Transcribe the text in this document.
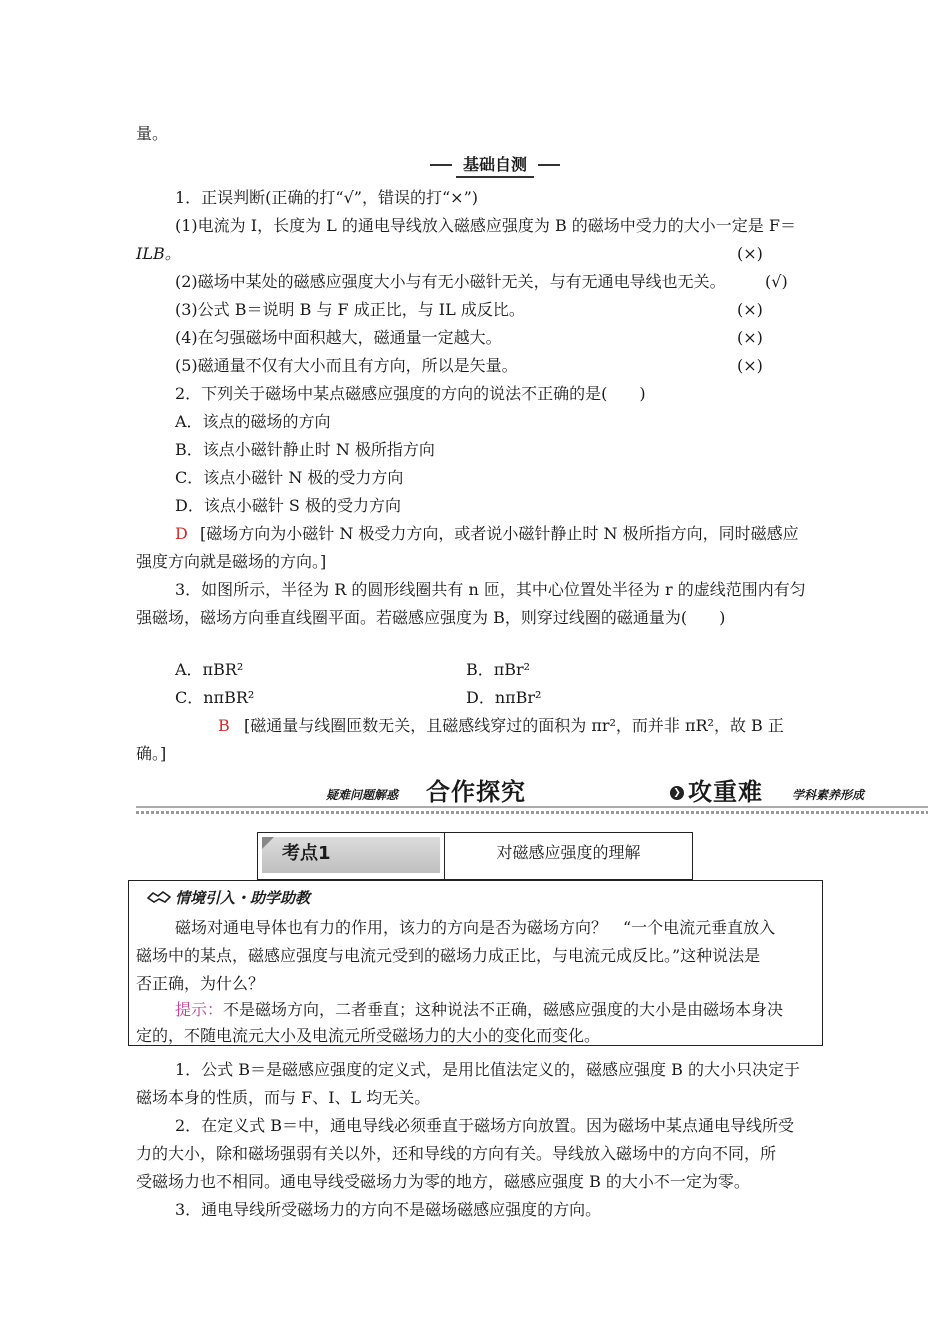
量。
基础自测
1．正误判断(正确的打“√”，错误的打“×”)
(1)电流为 I，长度为 L 的通电导线放入磁感应强度为 B 的磁场中受力的大小一定是 F＝
ILB。	(×)
(2)磁场中某处的磁感应强度大小与有无小磁针无关，与有无通电导线也无关。 (√)
(3)公式 B＝说明 B 与 F 成正比，与 IL 成反比。	(×)
(4)在匀强磁场中面积越大，磁通量一定越大。	(×)
(5)磁通量不仅有大小而且有方向，所以是矢量。	(×)
2．下列关于磁场中某点磁感应强度的方向的说法不正确的是(　　)
A．该点的磁场的方向
B．该点小磁针静止时 N 极所指方向
C．该点小磁针 N 极的受力方向
D．该点小磁针 S 极的受力方向
D [磁场方向为小磁针 N 极受力方向，或者说小磁针静止时 N 极所指方向，同时磁感应
强度方向就是磁场的方向。]
3．如图所示，半径为 R 的圆形线圈共有 n 匝，其中心位置处半径为 r 的虚线范围内有匀
强磁场，磁场方向垂直线圈平面。若磁感应强度为 B，则穿过线圈的磁通量为(　　)
A．πBR²	B．πBr²
C．nπBR²	D．nπBr²
B [磁通量与线圈匝数无关，且磁感线穿过的面积为 πr²，而并非 πR²，故 B 正
确。]
疑难问题解惑 合作探究	❯ 攻重难 学科素养形成
考点1	对磁感应强度的理解
情境引入・助学助教
磁场对通电导体也有力的作用，该力的方向是否为磁场方向？　“一个电流元垂直放入
磁场中的某点，磁感应强度与电流元受到的磁场力成正比，与电流元成反比。”这种说法是
否正确，为什么？
提示： 不是磁场方向，二者垂直；这种说法不正确，磁感应强度的大小是由磁场本身决
定的，不随电流元大小及电流元所受磁场力的大小的变化而变化。
1．公式 B＝是磁感应强度的定义式，是用比值法定义的，磁感应强度 B 的大小只决定于
磁场本身的性质，而与 F、I、L 均无关。
2．在定义式 B＝中，通电导线必须垂直于磁场方向放置。因为磁场中某点通电导线所受
力的大小，除和磁场强弱有关以外，还和导线的方向有关。导线放入磁场中的方向不同，所
受磁场力也不相同。通电导线受磁场力为零的地方，磁感应强度 B 的大小不一定为零。
3．通电导线所受磁场力的方向不是磁场磁感应强度的方向。
